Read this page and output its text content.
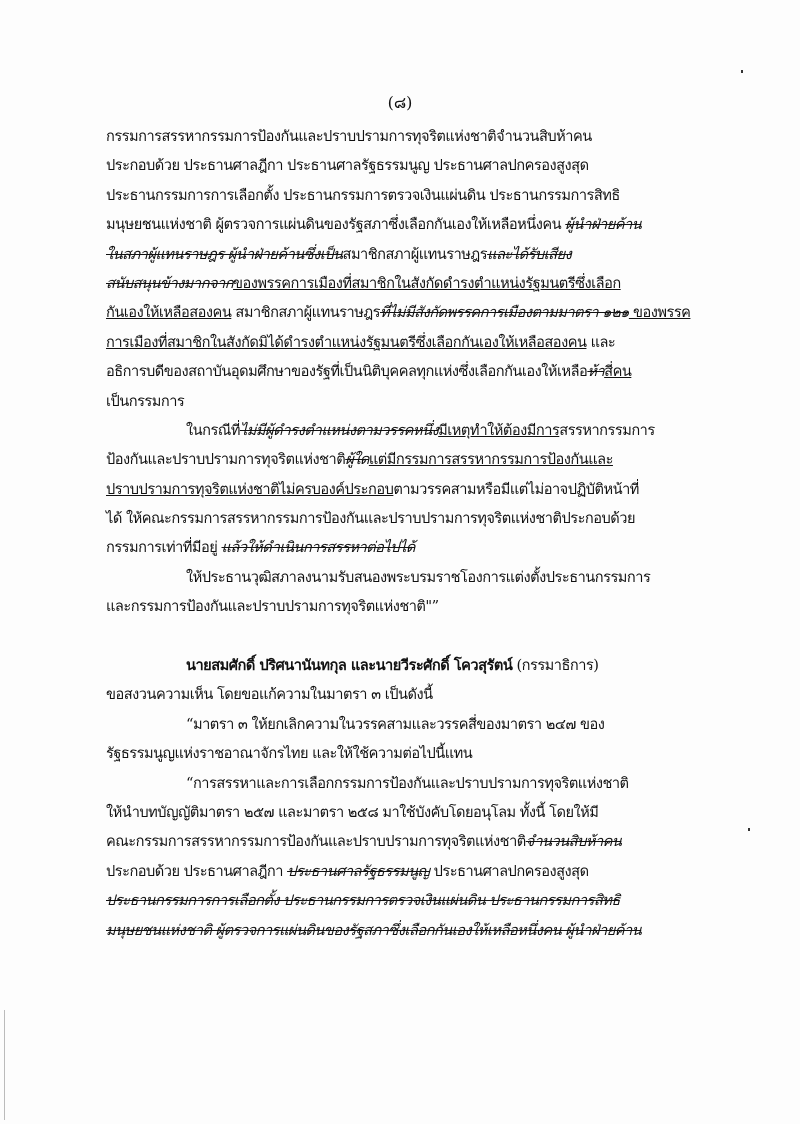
(๘)
กรรมการสรรหากรรมการป้องกันและปราบปรามการทุจริตแห่งชาติจำนวนสิบห้าคน
ประกอบด้วย ประธานศาลฎีกา ประธานศาลรัฐธรรมนูญ ประธานศาลปกครองสูงสุด
ประธานกรรมการการเลือกตั้ง ประธานกรรมการตรวจเงินแผ่นดิน ประธานกรรมการสิทธิ
มนุษยชนแห่งชาติ ผู้ตรวจการแผ่นดินของรัฐสภาซึ่งเลือกกันเองให้เหลือหนึ่งคน ผู้นำฝ่ายค้าน
ในสภาผู้แทนราษฎร ผู้นำฝ่ายค้านซึ่งเป็นสมาชิกสภาผู้แทนราษฎรและได้รับเสียง
สนับสนุนข้างมากจากของพรรคการเมืองที่สมาชิกในสังกัดดำรงตำแหน่งรัฐมนตรีซึ่งเลือก
กันเองให้เหลือสองคน สมาชิกสภาผู้แทนราษฎรที่ไม่มีสังกัดพรรคการเมืองตามมาตรา ๑๒๑ ของพรรค
การเมืองที่สมาชิกในสังกัดมิได้ดำรงตำแหน่งรัฐมนตรีซึ่งเลือกกันเองให้เหลือสองคน และ
อธิการบดีของสถาบันอุดมศึกษาของรัฐที่เป็นนิติบุคคลทุกแห่งซึ่งเลือกกันเองให้เหลือห้าสี่คน
เป็นกรรมการ
ในกรณีที่ไม่มีผู้ดำรงตำแหน่งตามวรรคหนึ่งมีเหตุทำให้ต้องมีการสรรหากรรมการ
ป้องกันและปราบปรามการทุจริตแห่งชาติผู้ใดแต่มีกรรมการสรรหากรรมการป้องกันและ
ปราบปรามการทุจริตแห่งชาติไม่ครบองค์ประกอบตามวรรคสามหรือมีแต่ไม่อาจปฏิบัติหน้าที่
ได้ ให้คณะกรรมการสรรหากรรมการป้องกันและปราบปรามการทุจริตแห่งชาติประกอบด้วย
กรรมการเท่าที่มีอยู่ แล้วให้ดำเนินการสรรหาต่อไปได้
ให้ประธานวุฒิสภาลงนามรับสนองพระบรมราชโองการแต่งตั้งประธานกรรมการ
และกรรมการป้องกันและปราบปรามการทุจริตแห่งชาติ"”
นายสมศักดิ์ ปริศนานันทกุล และนายวีระศักดิ์ โควสุรัตน์ (กรรมาธิการ)
ขอสงวนความเห็น โดยขอแก้ความในมาตรา ๓ เป็นดังนี้
“มาตรา ๓ ให้ยกเลิกความในวรรคสามและวรรคสี่ของมาตรา ๒๔๗ ของ
รัฐธรรมนูญแห่งราชอาณาจักรไทย และให้ใช้ความต่อไปนี้แทน
“การสรรหาและการเลือกกรรมการป้องกันและปราบปรามการทุจริตแห่งชาติ
ให้นำบทบัญญัติมาตรา ๒๕๗ และมาตรา ๒๕๘ มาใช้บังคับโดยอนุโลม ทั้งนี้ โดยให้มี
คณะกรรมการสรรหากรรมการป้องกันและปราบปรามการทุจริตแห่งชาติจำนวนสิบห้าคน
ประกอบด้วย ประธานศาลฎีกา ประธานศาลรัฐธรรมนูญ ประธานศาลปกครองสูงสุด
ประธานกรรมการการเลือกตั้ง ประธานกรรมการตรวจเงินแผ่นดิน ประธานกรรมการสิทธิ
มนุษยชนแห่งชาติ ผู้ตรวจการแผ่นดินของรัฐสภาซึ่งเลือกกันเองให้เหลือหนึ่งคน ผู้นำฝ่ายค้าน
